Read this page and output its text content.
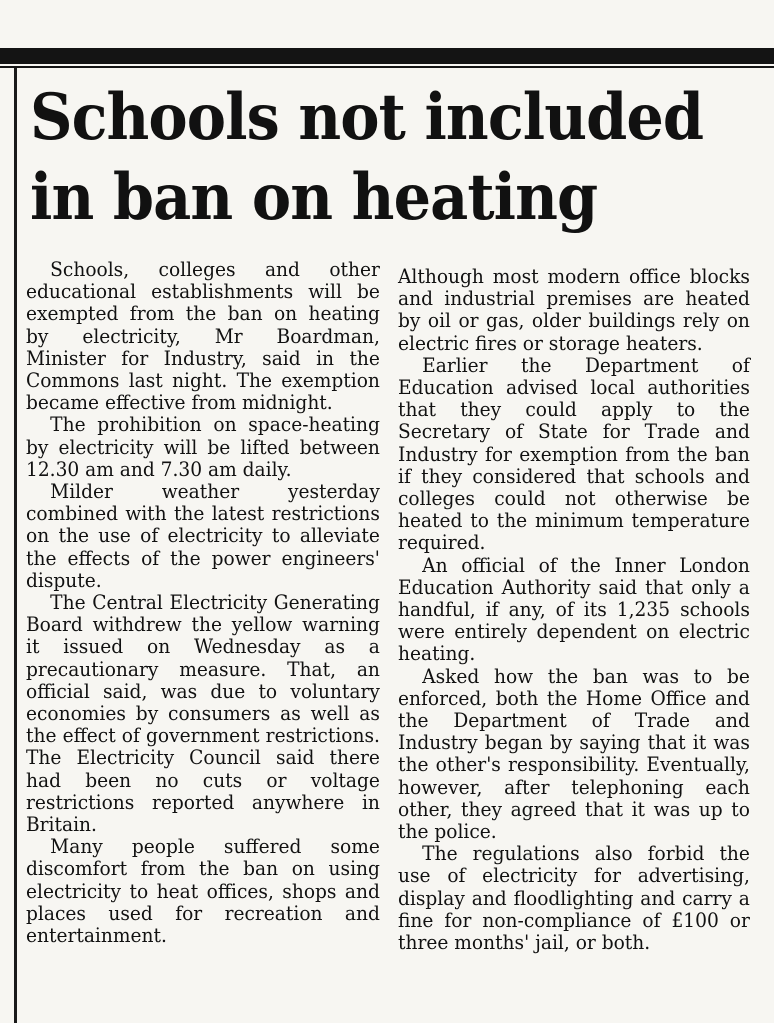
Schools not included
in ban on heating

Schools, colleges and other educational establishments will be exempted from the ban on heating by electricity, Mr Boardman, Minister for Industry, said in the Commons last night. The exemption became effective from midnight.

The prohibition on space-heating by electricity will be lifted between 12.30 am and 7.30 am daily.

Milder weather yesterday combined with the latest restrictions on the use of electricity to alleviate the effects of the power engineers' dispute.

The Central Electricity Generating Board withdrew the yellow warning it issued on Wednesday as a precautionary measure. That, an official said, was due to voluntary economies by consumers as well as the effect of government restrictions. The Electricity Council said there had been no cuts or voltage restrictions reported anywhere in Britain.

Many people suffered some discomfort from the ban on using electricity to heat offices, shops and places used for recreation and entertainment.

Although most modern office blocks and industrial premises are heated by oil or gas, older buildings rely on electric fires or storage heaters.

Earlier the Department of Education advised local authorities that they could apply to the Secretary of State for Trade and Industry for exemption from the ban if they considered that schools and colleges could not otherwise be heated to the minimum temperature required.

An official of the Inner London Education Authority said that only a handful, if any, of its 1,235 schools were entirely dependent on electric heating.

Asked how the ban was to be enforced, both the Home Office and the Department of Trade and Industry began by saying that it was the other's responsibility. Eventually, however, after telephoning each other, they agreed that it was up to the police.

The regulations also forbid the use of electricity for advertising, display and floodlighting and carry a fine for non-compliance of £100 or three months' jail, or both.
